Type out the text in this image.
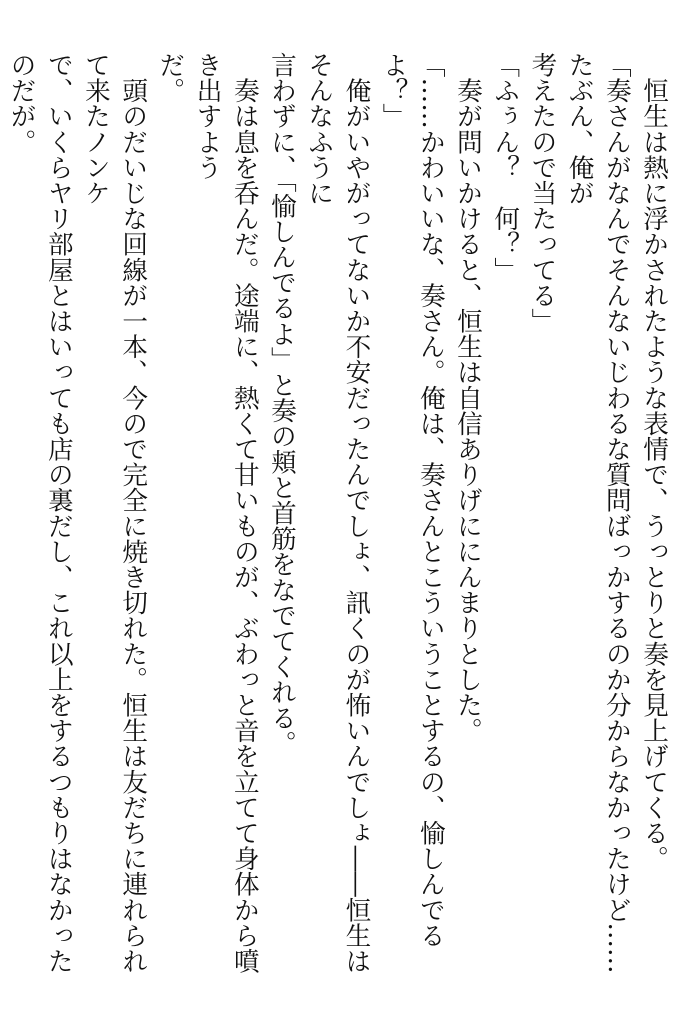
　恒生は熱に浮かされたような表情で、うっとりと奏を見上げてくる。
「奏さんがなんでそんないじわるな質問ばっかするのか分からなかったけど……たぶん、俺が
考えたので当たってる」
「ふぅん？　何？」
　奏が問いかけると、恒生は自信ありげににんまりとした。
「……かわいいな、奏さん。俺は、奏さんとこういうことするの、愉しんでるよ？」
　俺がいやがってないか不安だったんでしょ、訊くのが怖いんでしょ――恒生はそんなふうに
言わずに、「愉しんでるよ」と奏の頬と首筋をなでてくれる。
　奏は息を呑んだ。途端に、熱くて甘いものが、ぶわっと音を立てて身体から噴き出すよう
だ。
　頭のだいじな回線が一本、今ので完全に焼き切れた。恒生は友だちに連れられて来たノンケ
で、いくらヤリ部屋とはいっても店の裏だし、これ以上をするつもりはなかったのだが。
